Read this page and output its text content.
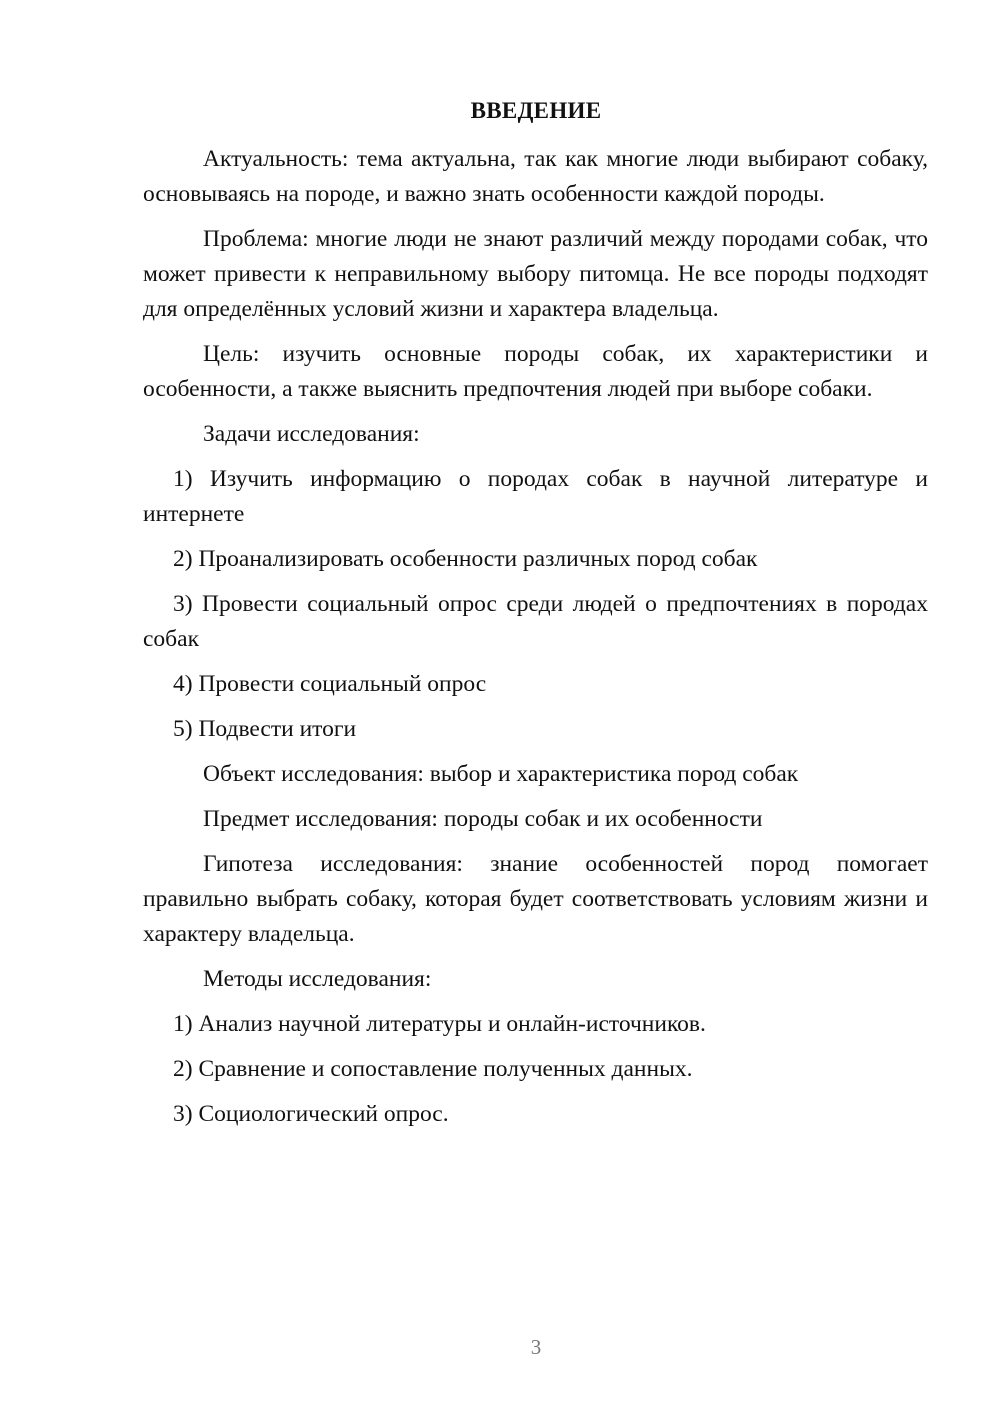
ВВЕДЕНИЕ

Актуальность: тема актуальна, так как многие люди выбирают собаку, основываясь на породе, и важно знать особенности каждой породы.

Проблема: многие люди не знают различий между породами собак, что может привести к неправильному выбору питомца. Не все породы подходят для определённых условий жизни и характера владельца.

Цель: изучить основные породы собак, их характеристики и особенности, а также выяснить предпочтения людей при выборе собаки.

Задачи исследования:

1) Изучить информацию о породах собак в научной литературе и интернете

2) Проанализировать особенности различных пород собак

3) Провести социальный опрос среди людей о предпочтениях в породах собак

4) Провести социальный опрос

5) Подвести итоги

Объект исследования: выбор и характеристика пород собак

Предмет исследования: породы собак и их особенности

Гипотеза исследования: знание особенностей пород помогает правильно выбрать собаку, которая будет соответствовать условиям жизни и характеру владельца.

Методы исследования:

1) Анализ научной литературы и онлайн-источников.

2) Сравнение и сопоставление полученных данных.

3) Социологический опрос.

3
